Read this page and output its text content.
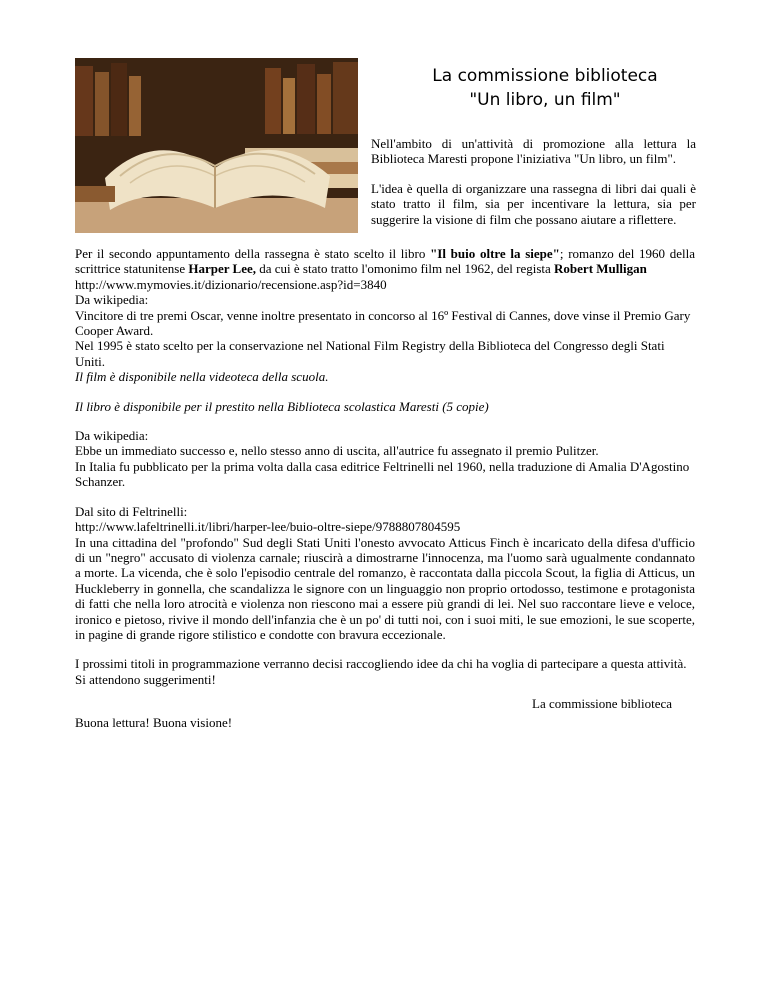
La commissione biblioteca
"Un libro, un film"

Nell'ambito di un'attività di promozione alla lettura la Biblioteca Maresti propone l'iniziativa "Un libro, un film".

L'idea è quella di organizzare una rassegna di libri dai quali è stato tratto il film, sia per incentivare la lettura, sia per suggerire la visione di film che possano aiutare a riflettere.

Per il secondo appuntamento della rassegna è stato scelto il libro "Il buio oltre la siepe"; romanzo del 1960 della scrittrice statunitense Harper Lee, da cui è stato tratto l'omonimo film nel 1962, del regista Robert Mulligan

http://www.mymovies.it/dizionario/recensione.asp?id=3840

Da wikipedia:

Vincitore di tre premi Oscar, venne inoltre presentato in concorso al 16º Festival di Cannes, dove vinse il Premio Gary Cooper Award.

Nel 1995 è stato scelto per la conservazione nel National Film Registry della Biblioteca del Congresso degli Stati Uniti.

Il film è disponibile nella videoteca della scuola.

Il libro è disponibile per il prestito nella Biblioteca scolastica Maresti (5 copie)

Da wikipedia:

Ebbe un immediato successo e, nello stesso anno di uscita, all'autrice fu assegnato il premio Pulitzer.

In Italia fu pubblicato per la prima volta dalla casa editrice Feltrinelli nel 1960, nella traduzione di Amalia D'Agostino Schanzer.

Dal sito di Feltrinelli:

http://www.lafeltrinelli.it/libri/harper-lee/buio-oltre-siepe/9788807804595

In una cittadina del "profondo" Sud degli Stati Uniti l'onesto avvocato Atticus Finch è incaricato della difesa d'ufficio di un "negro" accusato di violenza carnale; riuscirà a dimostrarne l'innocenza, ma l'uomo sarà ugualmente condannato a morte. La vicenda, che è solo l'episodio centrale del romanzo, è raccontata dalla piccola Scout, la figlia di Atticus, un Huckleberry in gonnella, che scandalizza le signore con un linguaggio non proprio ortodosso, testimone e protagonista di fatti che nella loro atrocità e violenza non riescono mai a essere più grandi di lei. Nel suo raccontare lieve e veloce, ironico e pietoso, rivive il mondo dell'infanzia che è un po' di tutti noi, con i suoi miti, le sue emozioni, le sue scoperte, in pagine di grande rigore stilistico e condotte con bravura eccezionale.

I prossimi titoli in programmazione verranno decisi raccogliendo idee da chi ha voglia di partecipare a questa attività.

Si attendono suggerimenti!

Buona lettura! Buona visione!

La commissione biblioteca
